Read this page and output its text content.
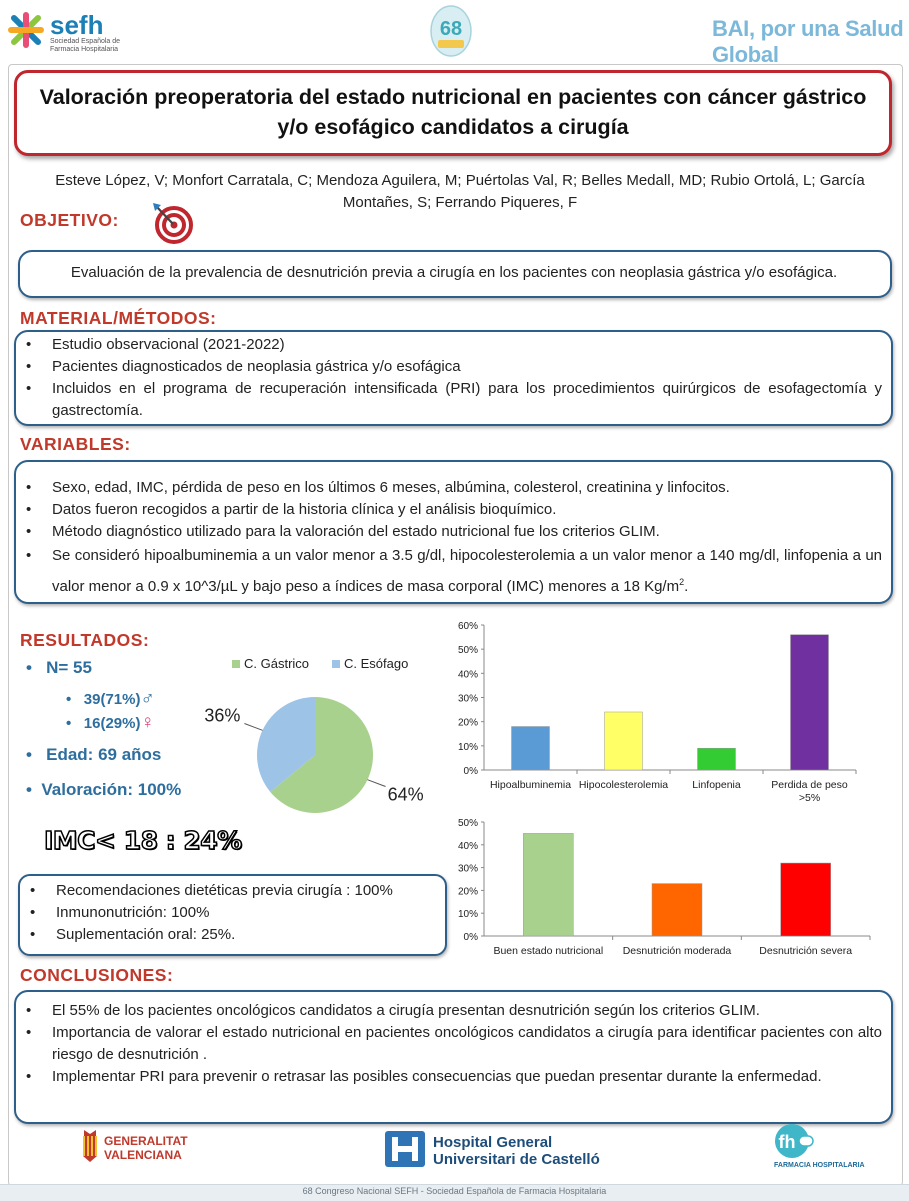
sefh
Sociedad Española de Farmacia Hospitalaria
68	BAI, por una Salud Global
Valoración preoperatoria del estado nutricional en pacientes con cáncer gástrico y/o esofágico candidatos a cirugía
Esteve López, V; Monfort Carratala, C; Mendoza Aguilera, M; Puértolas Val, R; Belles Medall, MD; Rubio Ortolá, L; García Montañes, S; Ferrando Piqueres, F
OBJETIVO:
Evaluación de la prevalencia de desnutrición previa a cirugía en los pacientes con neoplasia gástrica y/o esofágica.
MATERIAL/MÉTODOS:
• Estudio observacional (2021-2022)
• Pacientes diagnosticados de neoplasia gástrica y/o esofágica
• Incluidos en el programa de recuperación intensificada (PRI) para los procedimientos quirúrgicos de esofagectomía y gastrectomía.
VARIABLES:
• Sexo, edad, IMC, pérdida de peso en los últimos 6 meses, albúmina, colesterol, creatinina y linfocitos.
• Datos fueron recogidos a partir de la historia clínica y el análisis bioquímico.
• Método diagnóstico utilizado para la valoración del estado nutricional fue los criterios GLIM.
• Se consideró hipoalbuminemia a un valor menor a 3.5 g/dl, hipocolesterolemia a un valor menor a 140 mg/dl, linfopenia a un valor menor a 0.9 x 10^3/µL y bajo peso a índices de masa corporal (IMC) menores a 18 $Kg/m^2$.
RESULTADOS:
•   N= 55
•   39(71%)♂
•   16(29%)♀
•   Edad: 69 años
•  Valoración: 100%
IMC< 18 : 24%
• Recomendaciones dietéticas previa cirugía : 100%
• Inmunonutrición: 100%
• Suplementación oral: 25%.
C. Gástrico	C. Esófago
64%
36%
0%
10%
20%
30%
40%
50%
60%
Hipoalbuminemia Hipocolesterolemia Linfopenia	Perdida de peso
>5%
0%
10%
20%
30%
40%
50%
Buen estado nutricional Desnutrición moderada	Desnutrición severa
CONCLUSIONES:
• El 55% de los pacientes oncológicos candidatos a cirugía presentan desnutrición según los criterios GLIM.
• Importancia de valorar el estado nutricional en pacientes oncológicos candidatos a cirugía para identificar pacientes con alto riesgo de desnutrición .
• Implementar PRI para prevenir o retrasar las posibles consecuencias que puedan presentar durante la enfermedad.
GENERALITAT
VALENCIANA
Hospital General
Universitari de Castelló
fh
FARMACIA HOSPITALARIA
68 Congreso Nacional SEFH - Sociedad Española de Farmacia Hospitalaria
